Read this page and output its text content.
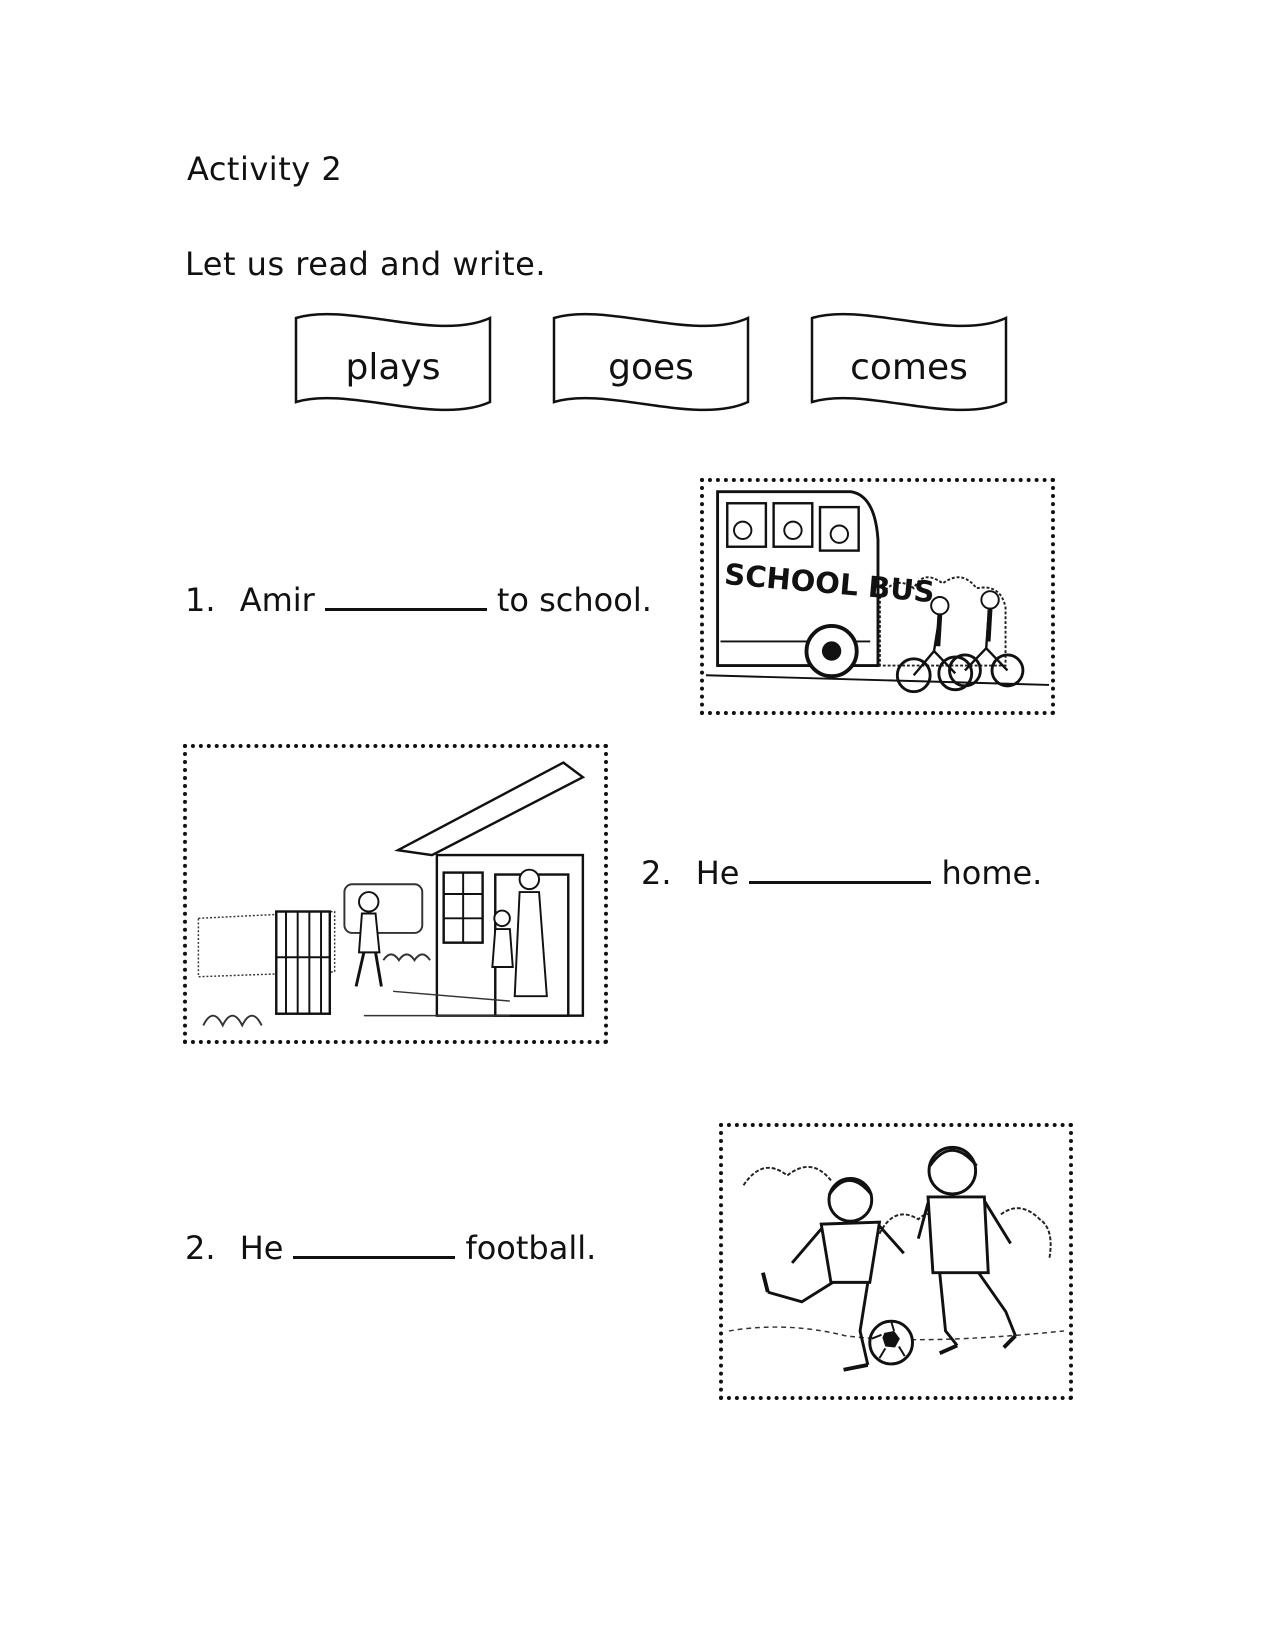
Activity 2
Let us read and write.
plays	goes	comes
1. Amir	to school. SCHOOL BUS
2. He	home.
2. He	football.
